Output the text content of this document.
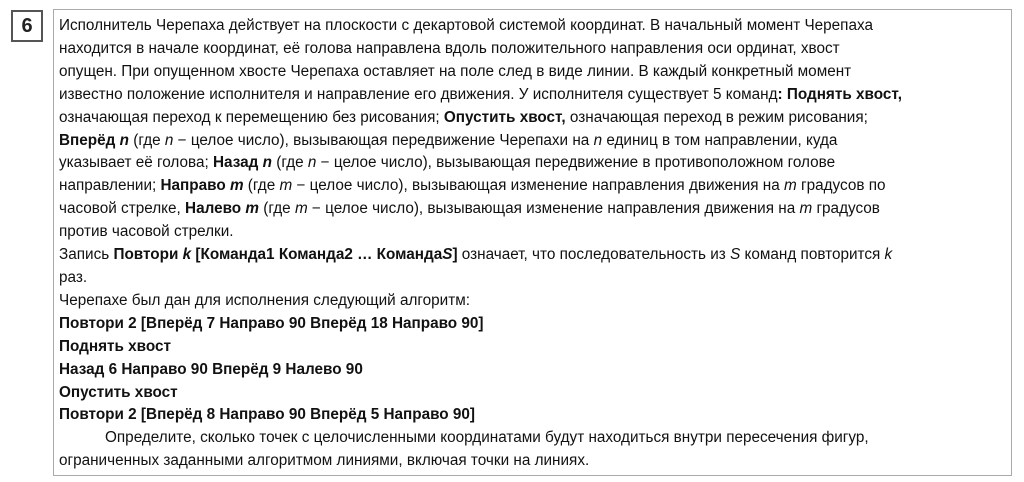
6 Исполнитель Черепаха действует на плоскости с декартовой системой координат. В начальный момент Черепаха
находится в начале координат, её голова направлена вдоль положительного направления оси ординат, хвост
опущен. При опущенном хвосте Черепаха оставляет на поле след в виде линии. В каждый конкретный момент
известно положение исполнителя и направление его движения. У исполнителя существует 5 команд: Поднять хвост,
означающая переход к перемещению без рисования; Опустить хвост, означающая переход в режим рисования;
Вперёд n (где n − целое число), вызывающая передвижение Черепахи на n единиц в том направлении, куда
указывает её голова; Назад n (где n − целое число), вызывающая передвижение в противоположном голове
направлении; Направо m (где m − целое число), вызывающая изменение направления движения на m градусов по
часовой стрелке, Налево m (где m − целое число), вызывающая изменение направления движения на m градусов
против часовой стрелки.

Запись Повтори k [Команда1 Команда2 … КомандаS] означает, что последовательность из S команд повторится k
раз.

Черепахе был дан для исполнения следующий алгоритм:

Повтори 2 [Вперёд 7 Направо 90 Вперёд 18 Направо 90]

Поднять хвост

Назад 6 Направо 90 Вперёд 9 Налево 90

Опустить хвост

Повтори 2 [Вперёд 8 Направо 90 Вперёд 5 Направо 90]

Определите, сколько точек с целочисленными координатами будут находиться внутри пересечения фигур,
ограниченных заданными алгоритмом линиями, включая точки на линиях.
